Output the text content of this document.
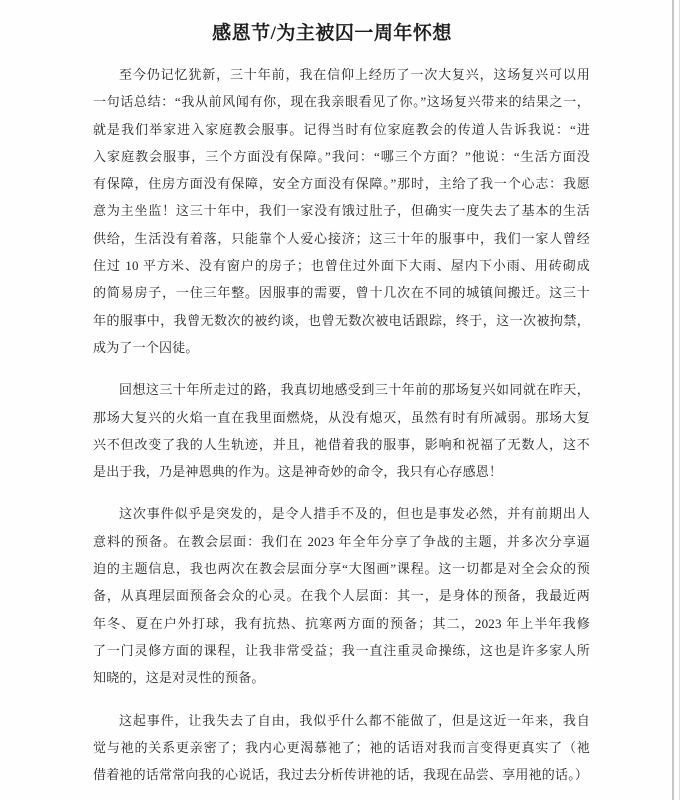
感恩节/为主被囚一周年怀想
至今仍记忆犹新，三十年前，我在信仰上经历了一次大复兴，这场复兴可以用
一句话总结：“我从前风闻有你，现在我亲眼看见了你。”这场复兴带来的结果之一，
就是我们举家进入家庭教会服事。记得当时有位家庭教会的传道人告诉我说：“进
入家庭教会服事，三个方面没有保障。”我问：“哪三个方面？”他说：“生活方面没
有保障，住房方面没有保障，安全方面没有保障。”那时，主给了我一个心志：我愿
意为主坐监！这三十年中，我们一家没有饿过肚子，但确实一度失去了基本的生活
供给，生活没有着落，只能靠个人爱心接济；这三十年的服事中，我们一家人曾经
住过 10 平方米、没有窗户的房子；也曾住过外面下大雨、屋内下小雨、用砖砌成
的简易房子，一住三年整。因服事的需要，曾十几次在不同的城镇间搬迁。这三十
年的服事中，我曾无数次的被约谈，也曾无数次被电话跟踪，终于，这一次被拘禁，
成为了一个囚徒。
回想这三十年所走过的路，我真切地感受到三十年前的那场复兴如同就在昨天，
那场大复兴的火焰一直在我里面燃烧，从没有熄灭，虽然有时有所减弱。那场大复
兴不但改变了我的人生轨迹，并且，祂借着我的服事，影响和祝福了无数人，这不
是出于我，乃是神恩典的作为。这是神奇妙的命令，我只有心存感恩！
这次事件似乎是突发的，是令人措手不及的，但也是事发必然，并有前期出人
意料的预备。在教会层面：我们在 2023 年全年分享了争战的主题，并多次分享逼
迫的主题信息，我也两次在教会层面分享“大图画”课程。这一切都是对全会众的预
备，从真理层面预备会众的心灵。在我个人层面：其一，是身体的预备，我最近两
年冬、夏在户外打球，我有抗热、抗寒两方面的预备；其二，2023 年上半年我修
了一门灵修方面的课程，让我非常受益；我一直注重灵命操练，这也是许多家人所
知晓的，这是对灵性的预备。
这起事件，让我失去了自由，我似乎什么都不能做了，但是这近一年来，我自
觉与祂的关系更亲密了；我内心更渴慕祂了；祂的话语对我而言变得更真实了（祂
借着祂的话常常向我的心说话，我过去分析传讲祂的话，我现在品尝、享用祂的话。）
